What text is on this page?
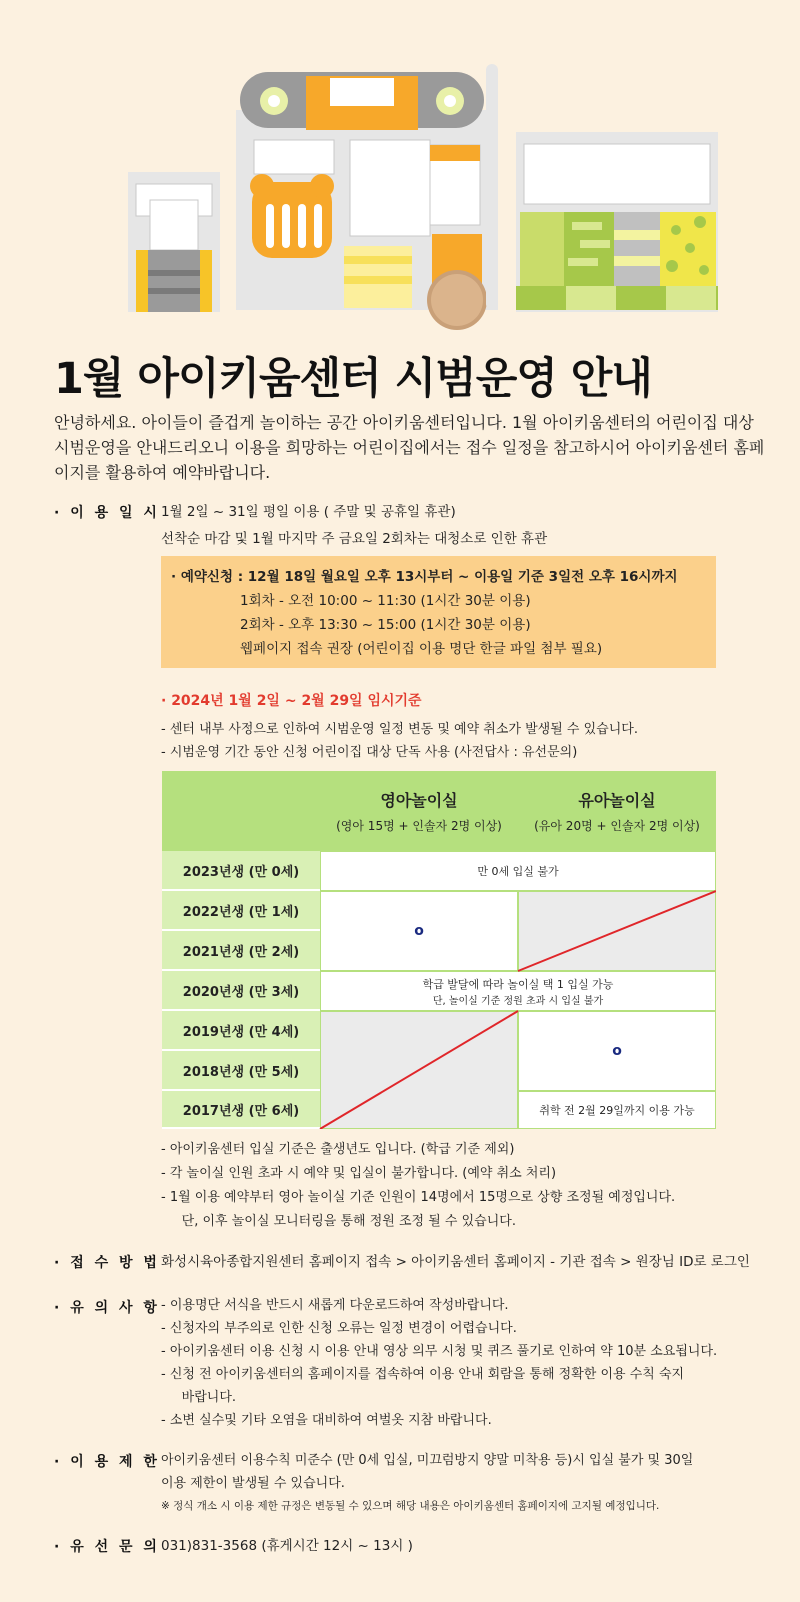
1월 아이키움센터 시범운영 안내
안녕하세요. 아이들이 즐겁게 놀이하는 공간 아이키움센터입니다. 1월 아이키움센터의 어린이집 대상 시범운영을 안내드리오니 이용을 희망하는 어린이집에서는 접수 일정을 참고하시어 아이키움센터 홈페이지를 활용하여 예약바랍니다.
· 이 용 일 시 1월 2일 ~ 31일 평일 이용 ( 주말 및 공휴일 휴관)
선착순 마감 및 1월 마지막 주 금요일 2회차는 대청소로 인한 휴관
· 예약신청 : 12월 18일 월요일 오후 13시부터 ~ 이용일 기준 3일전 오후 16시까지
1회차 - 오전 10:00 ~ 11:30 (1시간 30분 이용)
2회차 - 오후 13:30 ~ 15:00 (1시간 30분 이용)
웹페이지 접속 권장 (어린이집 이용 명단 한글 파일 첨부 필요)
· 2024년 1월 2일 ~ 2월 29일 임시기준
- 센터 내부 사정으로 인하여 시범운영 일정 변동 및 예약 취소가 발생될 수 있습니다.
- 시범운영 기간 동안 신청 어린이집 대상 단독 사용 (사전답사 : 유선문의)
영아놀이실
(영아 15명 + 인솔자 2명 이상)
유아놀이실
(유아 20명 + 인솔자 2명 이상)
2023년생 (만 0세)
2022년생 (만 1세)
2021년생 (만 2세)
2020년생 (만 3세)
2019년생 (만 4세)
2018년생 (만 5세)
2017년생 (만 6세)
만 0세 입실 불가
o
학급 발달에 따라 놀이실 택 1 입실 가능
단, 놀이실 기준 정원 초과 시 입실 불가
o
취학 전 2월 29일까지 이용 가능
- 아이키움센터 입실 기준은 출생년도 입니다. (학급 기준 제외)
- 각 놀이실 인원 초과 시 예약 및 입실이 불가합니다. (예약 취소 처리)
- 1월 이용 예약부터 영아 놀이실 기준 인원이 14명에서 15명으로 상향 조정될 예정입니다.
단, 이후 놀이실 모니터링을 통해 정원 조정 될 수 있습니다.
· 접 수 방 법 화성시육아종합지원센터 홈페이지 접속 > 아이키움센터 홈페이지 - 기관 접속 > 원장님 ID로 로그인
· 유 의 사 항 - 이용명단 서식을 반드시 새롭게 다운로드하여 작성바랍니다.
- 신청자의 부주의로 인한 신청 오류는 일정 변경이 어렵습니다.
- 아이키움센터 이용 신청 시 이용 안내 영상 의무 시청 및 퀴즈 풀기로 인하여 약 10분 소요됩니다.
- 신청 전 아이키움센터의 홈페이지를 접속하여 이용 안내 회람을 통해 정확한 이용 수칙 숙지
바랍니다.
- 소변 실수및 기타 오염을 대비하여 여벌옷 지참 바랍니다.
· 이 용 제 한 아이키움센터 이용수칙 미준수 (만 0세 입실, 미끄럼방지 양말 미착용 등)시 입실 불가 및 30일
이용 제한이 발생될 수 있습니다.
※ 정식 개소 시 이용 제한 규정은 변동될 수 있으며 해당 내용은 아이키움센터 홈페이지에 고지될 예정입니다.
· 유 선 문 의 031)831-3568 (휴게시간 12시 ~ 13시 )
